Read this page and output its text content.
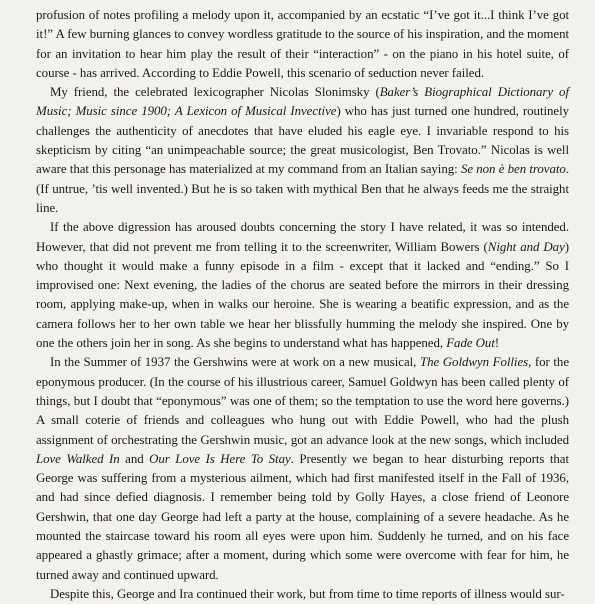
profusion of notes profiling a melody upon it, accompanied by an ecstatic “I’ve got it...I think I’ve got it!” A few burning glances to convey wordless gratitude to the source of his inspiration, and the moment for an invitation to hear him play the result of their “interaction” - on the piano in his hotel suite, of course - has arrived. According to Eddie Powell, this scenario of seduction never failed.

My friend, the celebrated lexicographer Nicolas Slonimsky (Baker’s Biographical Dictionary of Music; Music since 1900; A Lexicon of Musical Invective) who has just turned one hundred, routinely challenges the authenticity of anecdotes that have eluded his eagle eye. I invariable respond to his skepticism by citing “an unimpeachable source; the great musicologist, Ben Trovato.” Nicolas is well aware that this personage has materialized at my command from an Italian saying: Se non è ben trovato. (If untrue, ’tis well invented.) But he is so taken with mythical Ben that he always feeds me the straight line.

If the above digression has aroused doubts concerning the story I have related, it was so intended. However, that did not prevent me from telling it to the screenwriter, William Bowers (Night and Day) who thought it would make a funny episode in a film - except that it lacked and “ending.” So I improvised one: Next evening, the ladies of the chorus are seated before the mirrors in their dressing room, applying make-up, when in walks our heroine. She is wearing a beatific expression, and as the camera follows her to her own table we hear her blissfully humming the melody she inspired. One by one the others join her in song. As she begins to understand what has happened, Fade Out!

In the Summer of 1937 the Gershwins were at work on a new musical, The Goldwyn Follies, for the eponymous producer. (In the course of his illustrious career, Samuel Goldwyn has been called plenty of things, but I doubt that “eponymous” was one of them; so the temptation to use the word here governs.) A small coterie of friends and colleagues who hung out with Eddie Powell, who had the plush assignment of orchestrating the Gershwin music, got an advance look at the new songs, which included Love Walked In and Our Love Is Here To Stay. Presently we began to hear disturbing reports that George was suffering from a mysterious ailment, which had first manifested itself in the Fall of 1936, and had since defied diagnosis. I remember being told by Golly Hayes, a close friend of Leonore Gershwin, that one day George had left a party at the house, complaining of a severe headache. As he mounted the staircase toward his room all eyes were upon him. Suddenly he turned, and on his face appeared a ghastly grimace; after a moment, during which some were overcome with fear for him, he turned away and continued upward.

Despite this, George and Ira continued their work, but from time to time reports of illness would sur-
